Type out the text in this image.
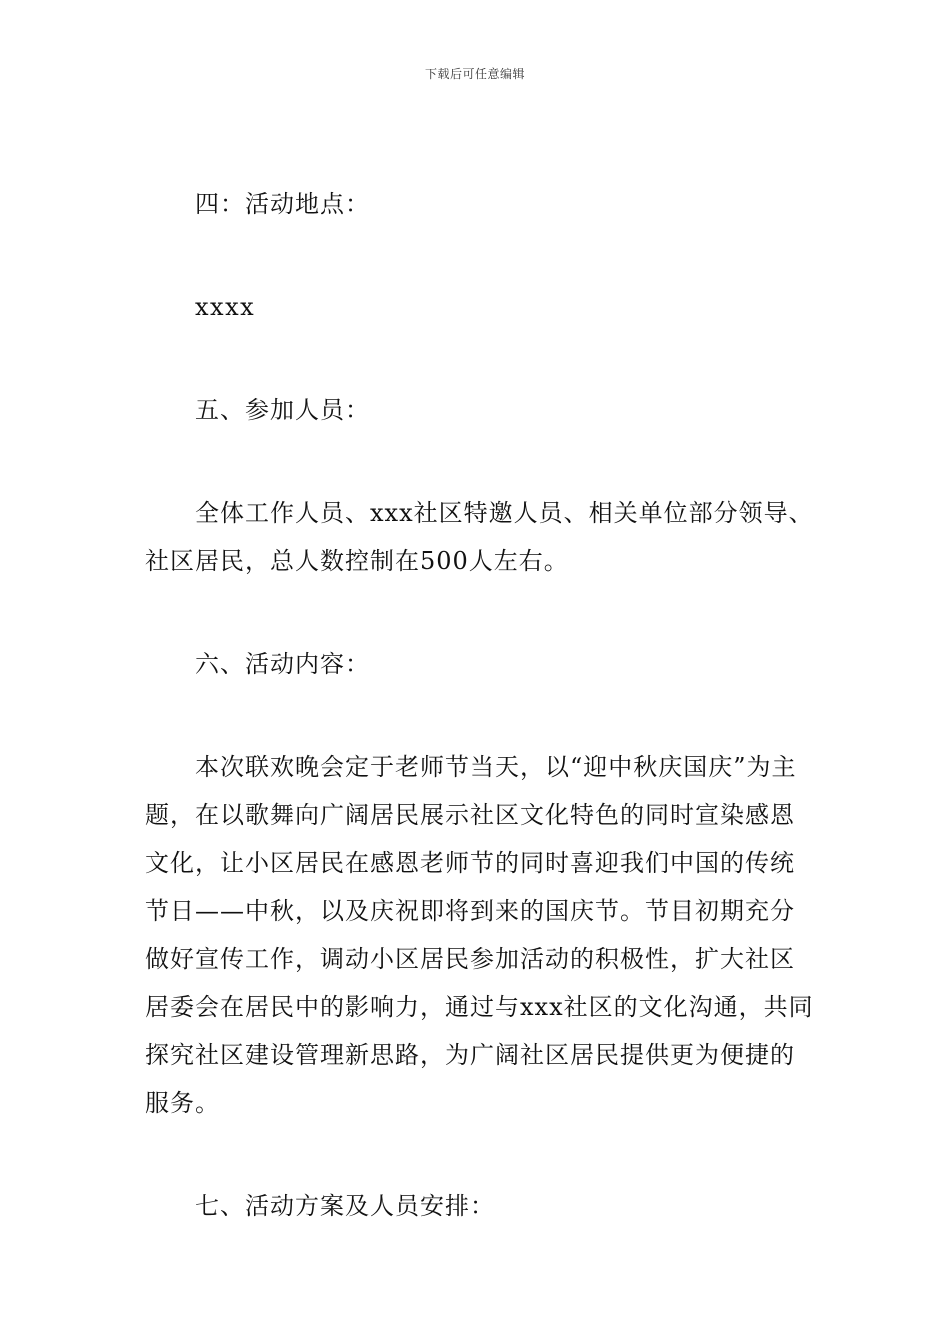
下载后可任意编辑

四：活动地点：

xxxx

五、参加人员：

全体工作人员、xxx社区特邀人员、相关单位部分领导、社区居民，总人数控制在500人左右。

六、活动内容：

本次联欢晚会定于老师节当天，以“迎中秋庆国庆”为主题，在以歌舞向广阔居民展示社区文化特色的同时宣染感恩文化，让小区居民在感恩老师节的同时喜迎我们中国的传统节日——中秋，以及庆祝即将到来的国庆节。节目初期充分做好宣传工作，调动小区居民参加活动的积极性，扩大社区居委会在居民中的影响力，通过与xxx社区的文化沟通，共同探究社区建设管理新思路，为广阔社区居民提供更为便捷的服务。

七、活动方案及人员安排：
